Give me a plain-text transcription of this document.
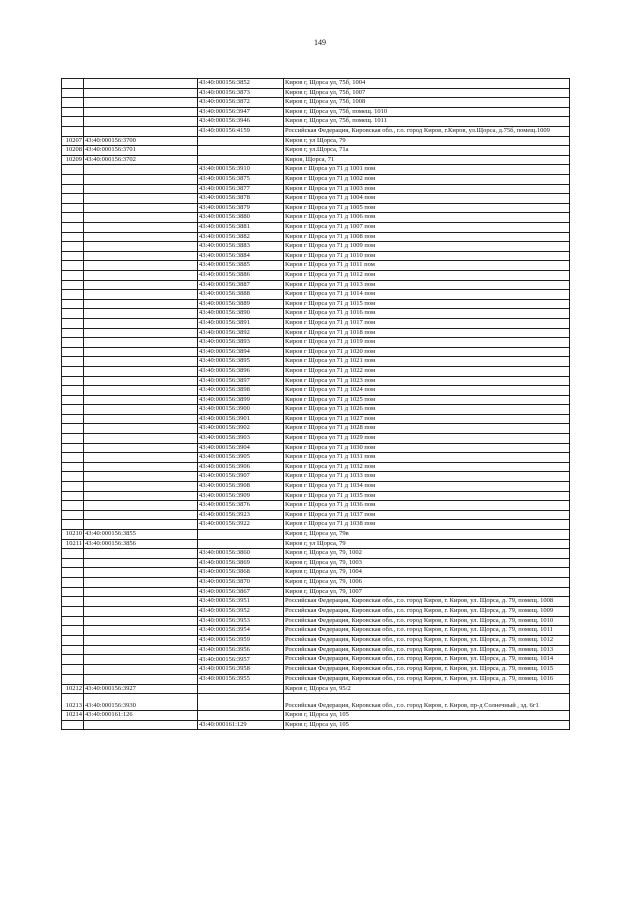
149
		43:40:000156:3852	Киров г, Щорса ул, 75б, 1004
		43:40:000156:3873	Киров г, Щорса ул, 75б, 1007
		43:40:000156:3872	Киров г, Щорса ул, 75б, 1008
		43:40:000156:3947	Киров г, Щорса ул, 75б, помещ. 1010
		43:40:000156:3946	Киров г, Щорса ул, 75б, помещ. 1011
		43:40:000156:4159	Российская Федерация, Кировская обл., г.о. город Киров, г.Киров, ул.Щорса, д.75б, помещ.1009
10207	43:40:000156:3700		Киров г, ул Щорса, 79
10208	43:40:000156:3701		Киров г, ул.Щорса, 71а
10209	43:40:000156:3702		Киров, Щорса, 71
		43:40:000156:3910	Киров г Щорса ул 71 д 1001 пом
		43:40:000156:3875	Киров г Щорса ул 71 д 1002 пом
		43:40:000156:3877	Киров г Щорса ул 71 д 1003 пом
		43:40:000156:3878	Киров г Щорса ул 71 д 1004 пом
		43:40:000156:3879	Киров г Щорса ул 71 д 1005 пом
		43:40:000156:3880	Киров г Щорса ул 71 д 1006 пом
		43:40:000156:3881	Киров г Щорса ул 71 д 1007 пом
		43:40:000156:3882	Киров г Щорса ул 71 д 1008 пом
		43:40:000156:3883	Киров г Щорса ул 71 д 1009 пом
		43:40:000156:3884	Киров г Щорса ул 71 д 1010 пом
		43:40:000156:3885	Киров г Щорса ул 71 д 1011 пом
		43:40:000156:3886	Киров г Щорса ул 71 д 1012 пом
		43:40:000156:3887	Киров г Щорса ул 71 д 1013 пом
		43:40:000156:3888	Киров г Щорса ул 71 д 1014 пом
		43:40:000156:3889	Киров г Щорса ул 71 д 1015 пом
		43:40:000156:3890	Киров г Щорса ул 71 д 1016 пом
		43:40:000156:3891	Киров г Щорса ул 71 д 1017 пом
		43:40:000156:3892	Киров г Щорса ул 71 д 1018 пом
		43:40:000156:3893	Киров г Щорса ул 71 д 1019 пом
		43:40:000156:3894	Киров г Щорса ул 71 д 1020 пом
		43:40:000156:3895	Киров г Щорса ул 71 д 1021 пом
		43:40:000156:3896	Киров г Щорса ул 71 д 1022 пом
		43:40:000156:3897	Киров г Щорса ул 71 д 1023 пом
		43:40:000156:3898	Киров г Щорса ул 71 д 1024 пом
		43:40:000156:3899	Киров г Щорса ул 71 д 1025 пом
		43:40:000156:3900	Киров г Щорса ул 71 д 1026 пом
		43:40:000156:3901	Киров г Щорса ул 71 д 1027 пом
		43:40:000156:3902	Киров г Щорса ул 71 д 1028 пом
		43:40:000156:3903	Киров г Щорса ул 71 д 1029 пом
		43:40:000156:3904	Киров г Щорса ул 71 д 1030 пом
		43:40:000156:3905	Киров г Щорса ул 71 д 1031 пом
		43:40:000156:3906	Киров г Щорса ул 71 д 1032 пом
		43:40:000156:3907	Киров г Щорса ул 71 д 1033 пом
		43:40:000156:3908	Киров г Щорса ул 71 д 1034 пом
		43:40:000156:3909	Киров г Щорса ул 71 д 1035 пом
		43:40:000156:3876	Киров г Щорса ул 71 д 1036 пом
		43:40:000156:3923	Киров г Щорса ул 71 д 1037 пом
		43:40:000156:3922	Киров г Щорса ул 71 д 1038 пом
10210	43:40:000156:3855		Киров г, Щорса ул, 79в
10211	43:40:000156:3856		Киров г, ул Щорса, 79
		43:40:000156:3860	Киров г, Щорса ул, 79, 1002
		43:40:000156:3869	Киров г, Щорса ул, 79, 1003
		43:40:000156:3868	Киров г, Щорса ул, 79, 1004
		43:40:000156:3870	Киров г, Щорса ул, 79, 1006
		43:40:000156:3867	Киров г, Щорса ул, 79, 1007
		43:40:000156:3951	Российская Федерация, Кировская обл., г.о. город Киров, г. Киров, ул. Щорса, д. 79, помещ. 1008
		43:40:000156:3952	Российская Федерация, Кировская обл., г.о. город Киров, г. Киров, ул. Щорса, д. 79, помещ. 1009
		43:40:000156:3953	Российская Федерация, Кировская обл., г.о. город Киров, г. Киров, ул. Щорса, д. 79, помещ. 1010
		43:40:000156:3954	Российская Федерация, Кировская обл., г.о. город Киров, г. Киров, ул. Щорса, д. 79, помещ. 1011
		43:40:000156:3959	Российская Федерация, Кировская обл., г.о. город Киров, г. Киров, ул. Щорса, д. 79, помещ. 1012
		43:40:000156:3956	Российская Федерация, Кировская обл., г.о. город Киров, г. Киров, ул. Щорса, д. 79, помещ. 1013
		43:40:000156:3957	Российская Федерация, Кировская обл., г.о. город Киров, г. Киров, ул. Щорса, д. 79, помещ. 1014
		43:40:000156:3958	Российская Федерация, Кировская обл., г.о. город Киров, г. Киров, ул. Щорса, д. 79, помещ. 1015
		43:40:000156:3955	Российская Федерация, Кировская обл., г.о. город Киров, г. Киров, ул. Щорса, д. 79, помещ. 1016
10212	43:40:000156:3927		Киров г, Щорса ул, 95/2
10213	43:40:000156:3930		Российская Федерация, Кировская обл., г.о. город Киров, г. Киров, пр-д Солнечный , зд. 6г1
10214	43:40:000161:126		Киров г, Щорса ул, 105
		43:40:000161:129	Киров г, Щорса ул, 105
